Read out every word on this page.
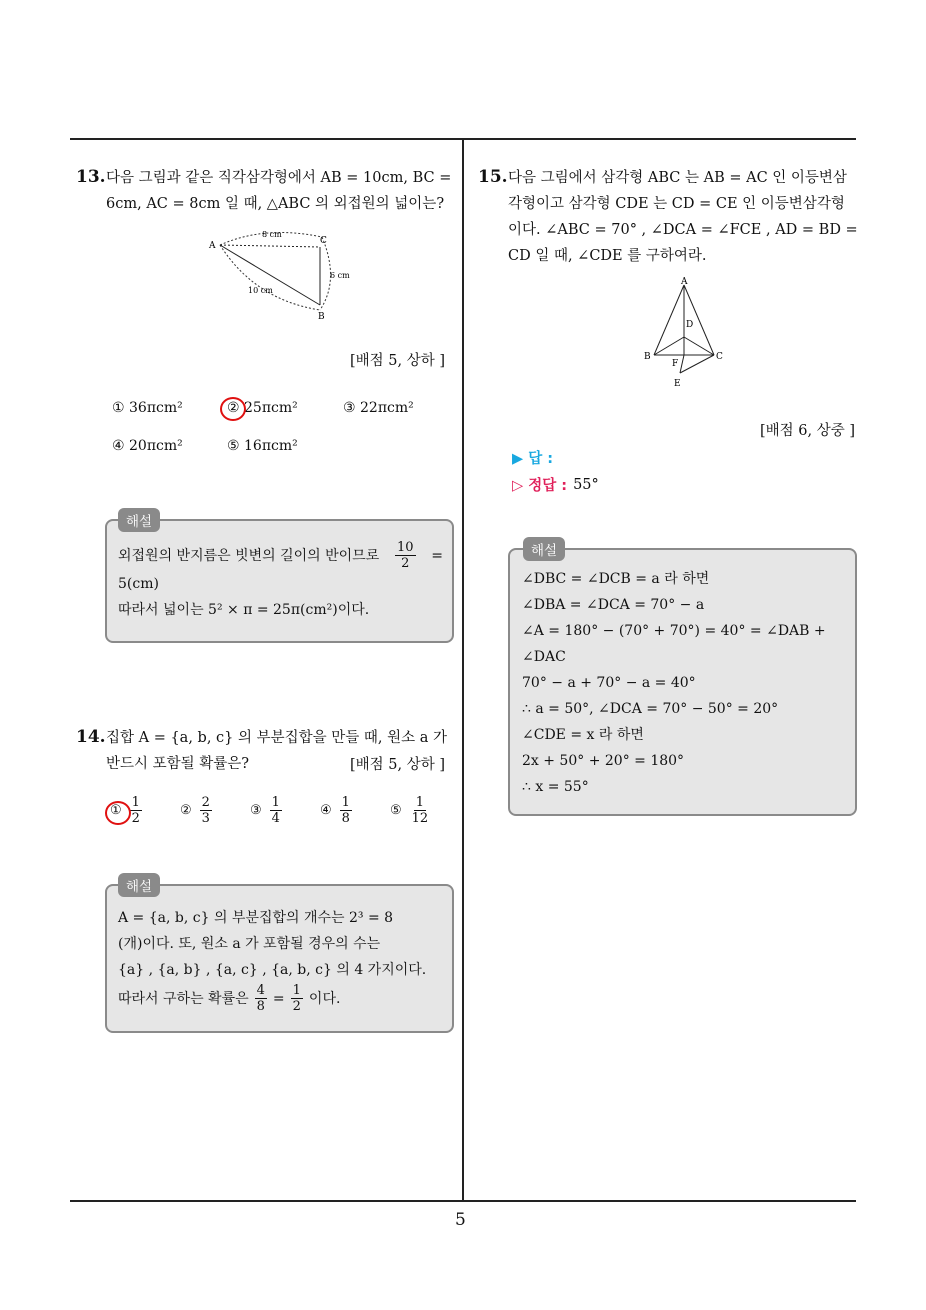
5
13. 다음 그림과 같은 직각삼각형에서 AB = 10cm, BC =
6cm, AC = 8cm 일 때, △ABC 의 외접원의 넓이는?
A	C
B
8 cm
6 cm
10 cm
[배점 5, 상하 ]
① 36πcm²	② 25πcm²	③ 22πcm²
④ 20πcm²	⑤ 16πcm²
해설
외접원의 반지름은 빗변의 길이의 반이므로 $\frac{10}{2}$ =
5(cm)
따라서 넓이는 5² × π = 25π(cm²)이다.
14. 집합 A = {a, b, c} 의 부분집합을 만들 때, 원소 a 가
반드시 포함될 확률은?	[배점 5, 상하 ]
① $\frac{1}{2}$	② $\frac{2}{3}$	③ $\frac{1}{4}$	④ $\frac{1}{8}$	⑤ $\frac{1}{12}$
해설
A = {a, b, c} 의 부분집합의 개수는 2³ = 8
(개)이다. 또, 원소 a 가 포함될 경우의 수는
{a} , {a, b} , {a, c} , {a, b, c} 의 4 가지이다.
따라서 구하는 확률은 $\frac{4}{8} = \frac{1}{2}$ 이다.
15. 다음 그림에서 삼각형 ABC 는 AB = AC 인 이등변삼
각형이고 삼각형 CDE 는 CD = CE 인 이등변삼각형
이다. ∠ABC = 70° , ∠DCA = ∠FCE , AD = BD =
CD 일 때, ∠CDE 를 구하여라.
A
D
B	C
F
E
[배점 6, 상중 ]
▶ 답 :
▷ 정답 : 55°
해설
∠DBC = ∠DCB = a 라 하면
∠DBA = ∠DCA = 70° − a
∠A = 180° − (70° + 70°) = 40° = ∠DAB +
∠DAC
70° − a + 70° − a = 40°
∴ a = 50°, ∠DCA = 70° − 50° = 20°
∠CDE = x 라 하면
2x + 50° + 20° = 180°
∴ x = 55°
